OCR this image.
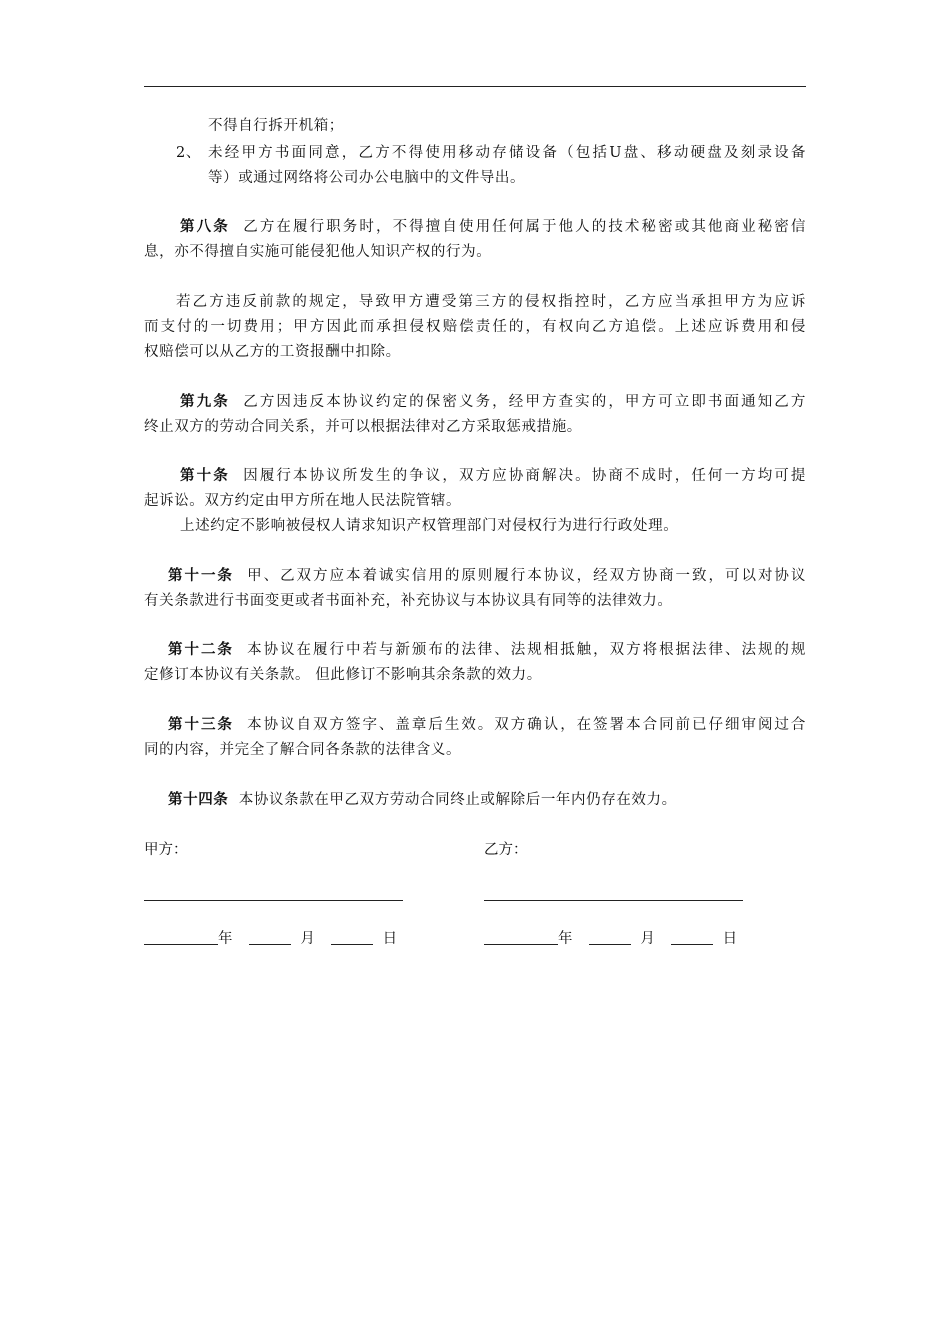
不得自行拆开机箱；
2、 未经甲方书面同意，乙方不得使用移动存储设备（包括U盘、移动硬盘及刻录设备
等）或通过网络将公司办公电脑中的文件导出。
第八条 乙方在履行职务时，不得擅自使用任何属于他人的技术秘密或其他商业秘密信
息，亦不得擅自实施可能侵犯他人知识产权的行为。
若乙方违反前款的规定，导致甲方遭受第三方的侵权指控时，乙方应当承担甲方为应诉
而支付的一切费用；甲方因此而承担侵权赔偿责任的，有权向乙方追偿。上述应诉费用和侵
权赔偿可以从乙方的工资报酬中扣除。
第九条 乙方因违反本协议约定的保密义务，经甲方查实的，甲方可立即书面通知乙方
终止双方的劳动合同关系，并可以根据法律对乙方采取惩戒措施。
第十条 因履行本协议所发生的争议，双方应协商解决。协商不成时，任何一方均可提
起诉讼。双方约定由甲方所在地人民法院管辖。
上述约定不影响被侵权人请求知识产权管理部门对侵权行为进行行政处理。
第十一条 甲、乙双方应本着诚实信用的原则履行本协议，经双方协商一致，可以对协议
有关条款进行书面变更或者书面补充，补充协议与本协议具有同等的法律效力。
第十二条 本协议在履行中若与新颁布的法律、法规相抵触，双方将根据法律、法规的规
定修订本协议有关条款。 但此修订不影响其余条款的效力。
第十三条 本协议自双方签字、盖章后生效。双方确认，在签署本合同前已仔细审阅过合
同的内容，并完全了解合同各条款的法律含义。
第十四条 本协议条款在甲乙双方劳动合同终止或解除后一年内仍存在效力。
甲方：	乙方：
年	月	日	年	月	日
